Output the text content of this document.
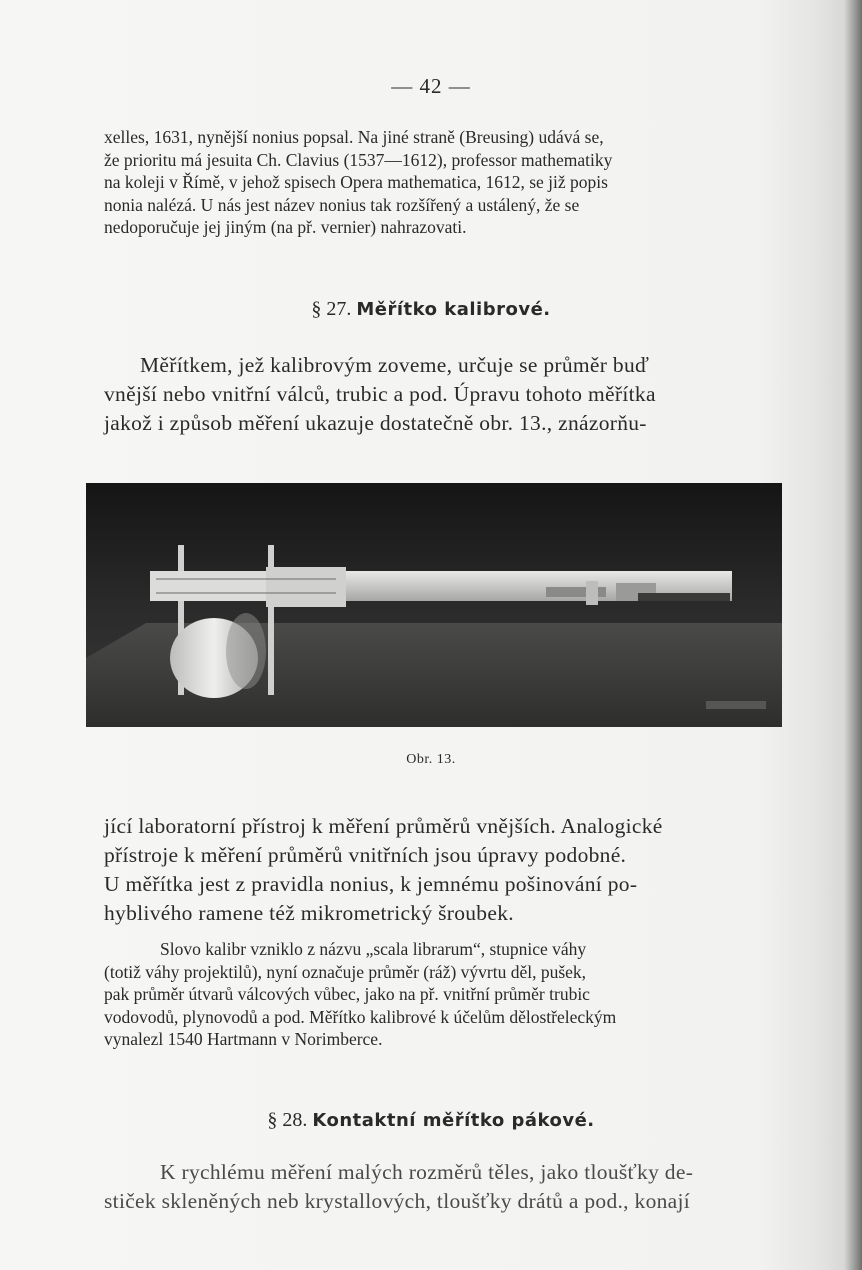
— 42 —
xelles, 1631, nynější nonius popsal. Na jiné straně (Breusing) udává se,
že prioritu má jesuita Ch. Clavius (1537—1612), professor mathematiky
na koleji v Římě, v jehož spisech Opera mathematica, 1612, se již popis
nonia nalézá. U nás jest název nonius tak rozšířený a ustálený, že se
nedoporučuje jej jiným (na př. vernier) nahrazovati.
§ 27. Měřítko kalibrové.
Měřítkem, jež kalibrovým zoveme, určuje se průměr buď
vnější nebo vnitřní válců, trubic a pod. Úpravu tohoto měřítka
jakož i způsob měření ukazuje dostatečně obr. 13., znázorňu-
Obr. 13.
jící laboratorní přístroj k měření průměrů vnějších. Analogické
přístroje k měření průměrů vnitřních jsou úpravy podobné.
U měřítka jest z pravidla nonius, k jemnému pošinování po-
hyblivého ramene též mikrometrický šroubek.
Slovo kalibr vzniklo z názvu „scala librarum“, stupnice váhy
(totiž váhy projektilů), nyní označuje průměr (ráž) vývrtu děl, pušek,
pak průměr útvarů válcových vůbec, jako na př. vnitřní průměr trubic
vodovodů, plynovodů a pod. Měřítko kalibrové k účelům dělostřeleckým
vynalezl 1540 Hartmann v Norimberce.
§ 28. Kontaktní měřítko pákové.
K rychlému měření malých rozměrů těles, jako tloušťky de-
stiček skleněných neb krystallových, tloušťky drátů a pod., konají
